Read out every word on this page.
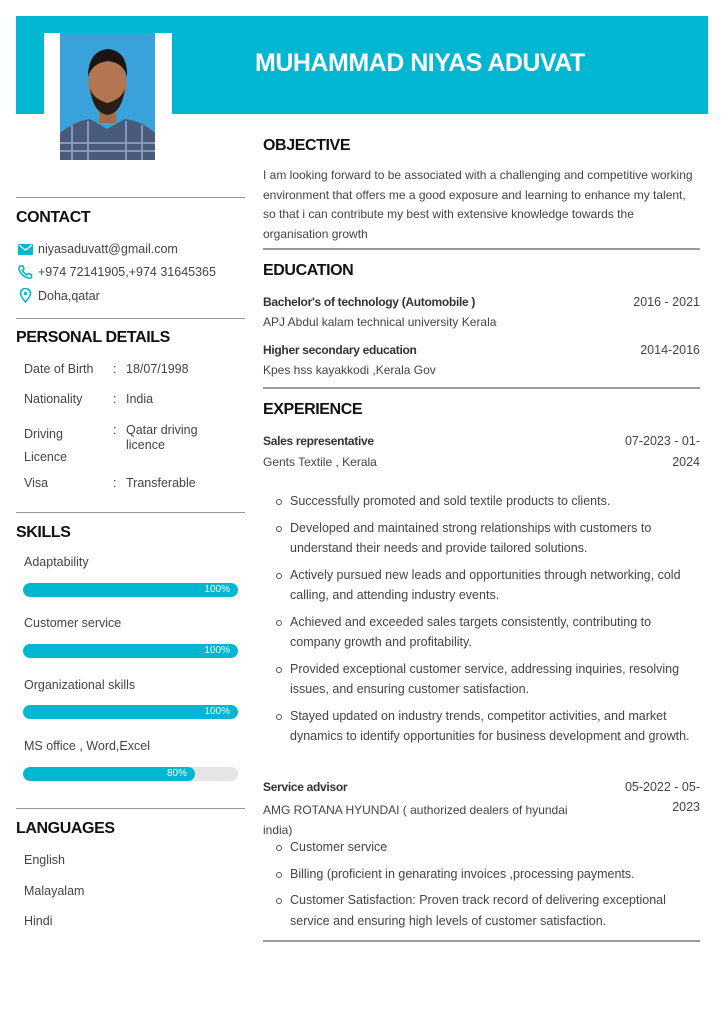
MUHAMMAD NIYAS ADUVAT
CONTACT
niyasaduvatt@gmail.com
+974 72141905,+974 31645365
Doha,qatar
PERSONAL DETAILS
Date of Birth : 18/07/1998
Nationality : India
Driving Licence
: Qatar driving licence
Visa	: Transferable
SKILLS
Adaptability
100%
Customer service
100%
Organizational skills
100%
MS office , Word,Excel
80%
LANGUAGES
English
Malayalam
Hindi
OBJECTIVE
I am looking forward to be associated with a challenging and competitive working environment that offers me a good exposure and learning to enhance my talent, so that i can contribute my best with extensive knowledge towards the organisation growth
EDUCATION
Bachelor's of technology (Automobile )	2016 - 2021
APJ Abdul kalam technical university Kerala
Higher secondary education	2014-2016
Kpes hss kayakkodi ,Kerala Gov
EXPERIENCE
Sales representative	07-2023 - 01-
2024
Gents Textile , Kerala
Successfully promoted and sold textile products to clients.
Developed and maintained strong relationships with customers to understand their needs and provide tailored solutions.
Actively pursued new leads and opportunities through networking, cold calling, and attending industry events.
Achieved and exceeded sales targets consistently, contributing to company growth and profitability.
Provided exceptional customer service, addressing inquiries, resolving issues, and ensuring customer satisfaction.
Stayed updated on industry trends, competitor activities, and market dynamics to identify opportunities for business development and growth.
Service advisor	05-2022 - 05-
2023
AMG ROTANA HYUNDAI ( authorized dealers of hyundai india)
Customer service
Billing (proficient in genarating invoices ,processing payments.
Customer Satisfaction: Proven track record of delivering exceptional service and ensuring high levels of customer satisfaction.
